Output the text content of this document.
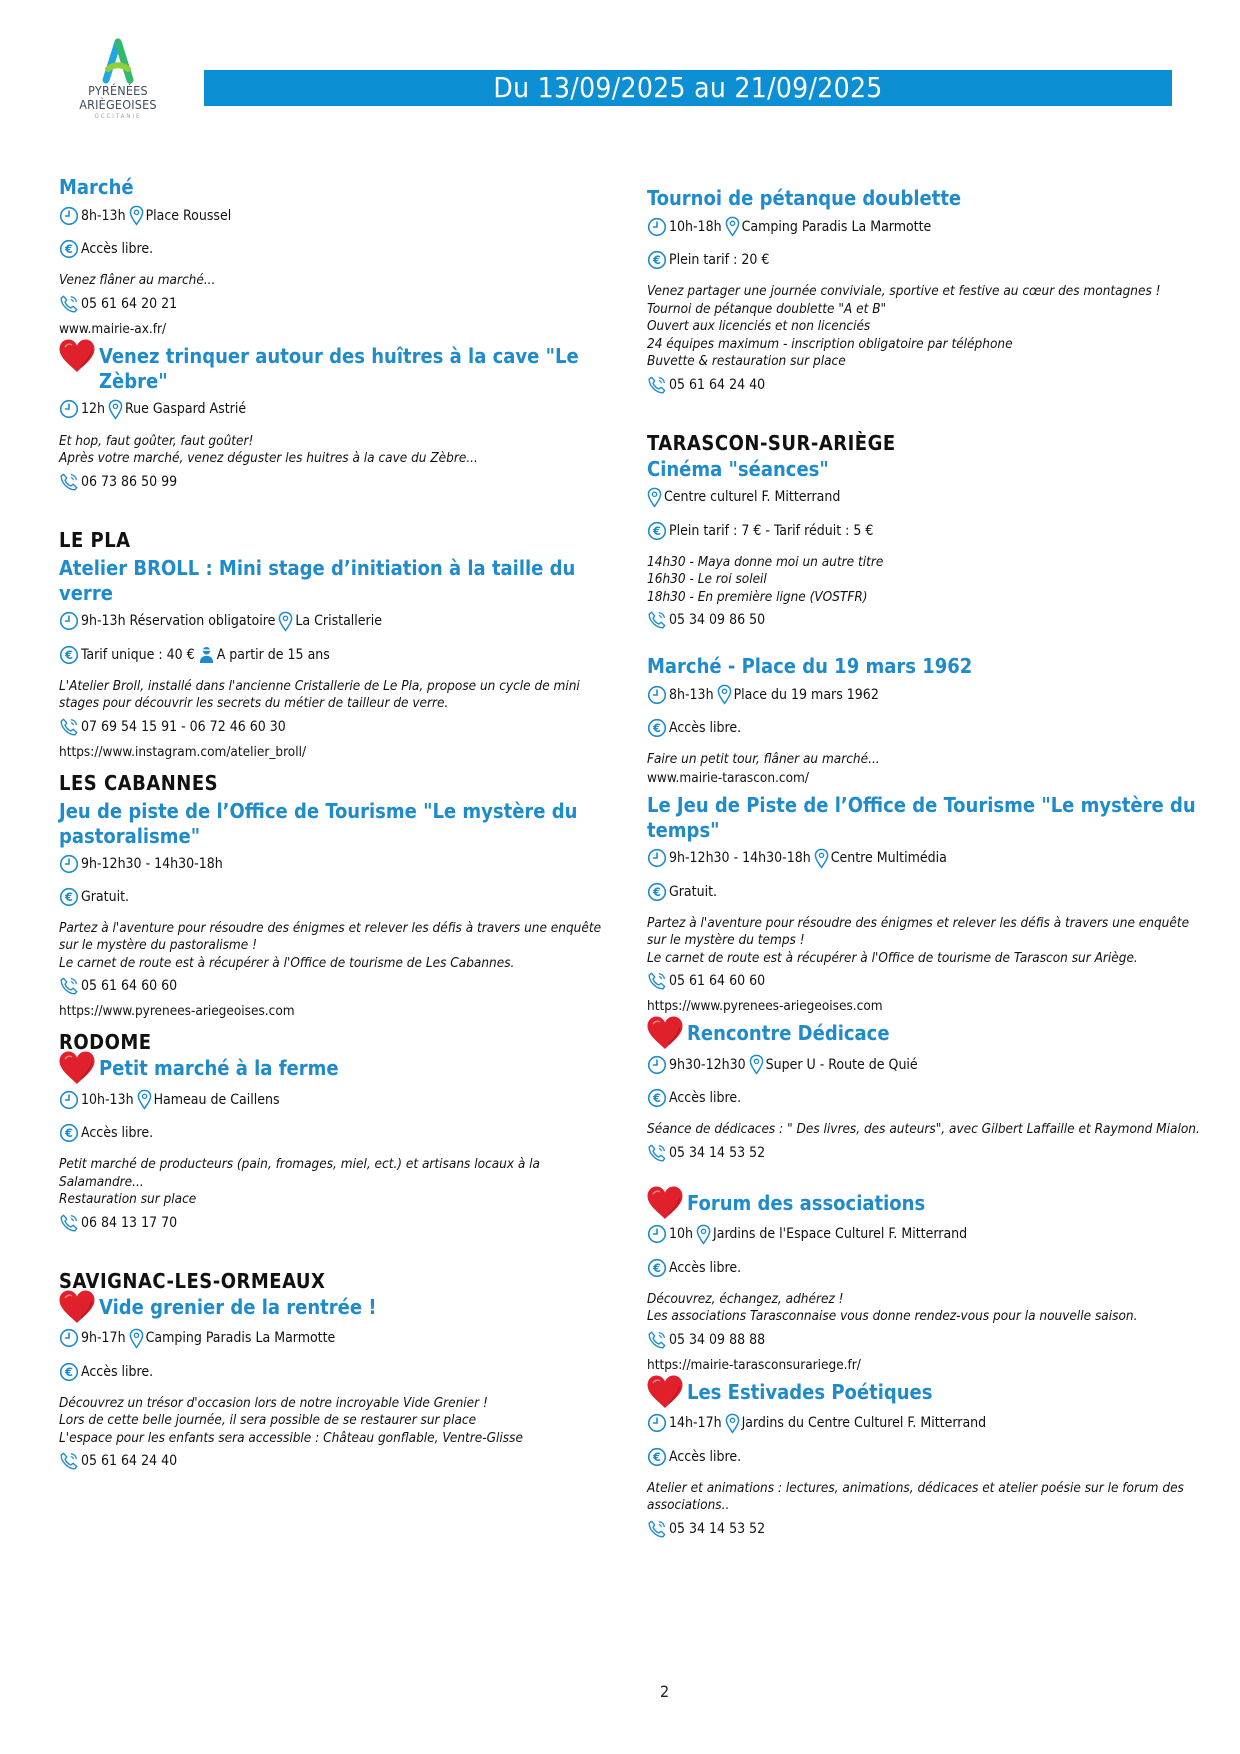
PYRÉNÉES
ARIÈGEOISES
OCCITANIE
Du 13/09/2025 au 21/09/2025
Marché
8h-13h Place Roussel
Accès libre.
Venez flâner au marché...
05 61 64 20 21
www.mairie-ax.fr/
Venez trinquer autour des huîtres à la cave "Le Zèbre"
12h Rue Gaspard Astrié
Et hop, faut goûter, faut goûter!
Après votre marché, venez déguster les huitres à la cave du Zèbre...
06 73 86 50 99
LE PLA
Atelier BROLL : Mini stage d’initiation à la taille du verre
9h-13h Réservation obligatoire La Cristallerie
Tarif unique : 40 € A partir de 15 ans
L'Atelier Broll, installé dans l'ancienne Cristallerie de Le Pla, propose un cycle de mini
stages pour découvrir les secrets du métier de tailleur de verre.
07 69 54 15 91 - 06 72 46 60 30
https://www.instagram.com/atelier_broll/
LES CABANNES
Jeu de piste de l’Office de Tourisme "Le mystère du pastoralisme"
9h-12h30 - 14h30-18h
Gratuit.
Partez à l'aventure pour résoudre des énigmes et relever les défis à travers une enquête
sur le mystère du pastoralisme !
Le carnet de route est à récupérer à l'Office de tourisme de Les Cabannes.
05 61 64 60 60
https://www.pyrenees-ariegeoises.com
RODOME
Petit marché à la ferme
10h-13h Hameau de Caillens
Accès libre.
Petit marché de producteurs (pain, fromages, miel, ect.) et artisans locaux à la
Salamandre...
Restauration sur place
06 84 13 17 70
SAVIGNAC-LES-ORMEAUX
Vide grenier de la rentrée !
9h-17h Camping Paradis La Marmotte
Accès libre.
Découvrez un trésor d'occasion lors de notre incroyable Vide Grenier !
Lors de cette belle journée, il sera possible de se restaurer sur place
L'espace pour les enfants sera accessible : Château gonflable, Ventre-Glisse
05 61 64 24 40
Tournoi de pétanque doublette
10h-18h Camping Paradis La Marmotte
Plein tarif : 20 €
Venez partager une journée conviviale, sportive et festive au cœur des montagnes !
Tournoi de pétanque doublette "A et B"
Ouvert aux licenciés et non licenciés
24 équipes maximum - inscription obligatoire par téléphone
Buvette & restauration sur place
05 61 64 24 40
TARASCON-SUR-ARIÈGE
Cinéma "séances"
Centre culturel F. Mitterrand
Plein tarif : 7 € - Tarif réduit : 5 €
14h30 - Maya donne moi un autre titre
16h30 - Le roi soleil
18h30 - En première ligne (VOSTFR)
05 34 09 86 50
Marché - Place du 19 mars 1962
8h-13h Place du 19 mars 1962
Accès libre.
Faire un petit tour, flâner au marché...
www.mairie-tarascon.com/
Le Jeu de Piste de l’Office de Tourisme "Le mystère du temps"
9h-12h30 - 14h30-18h Centre Multimédia
Gratuit.
Partez à l'aventure pour résoudre des énigmes et relever les défis à travers une enquête
sur le mystère du temps !
Le carnet de route est à récupérer à l'Office de tourisme de Tarascon sur Ariège.
05 61 64 60 60
https://www.pyrenees-ariegeoises.com
Rencontre Dédicace
9h30-12h30 Super U - Route de Quié
Accès libre.
Séance de dédicaces : " Des livres, des auteurs", avec Gilbert Laffaille et Raymond Mialon.
05 34 14 53 52
Forum des associations
10h Jardins de l'Espace Culturel F. Mitterrand
Accès libre.
Découvrez, échangez, adhérez !
Les associations Tarasconnaise vous donne rendez-vous pour la nouvelle saison.
05 34 09 88 88
https://mairie-tarasconsurariege.fr/
Les Estivades Poétiques
14h-17h Jardins du Centre Culturel F. Mitterrand
Accès libre.
Atelier et animations : lectures, animations, dédicaces et atelier poésie sur le forum des
associations..
05 34 14 53 52
2
